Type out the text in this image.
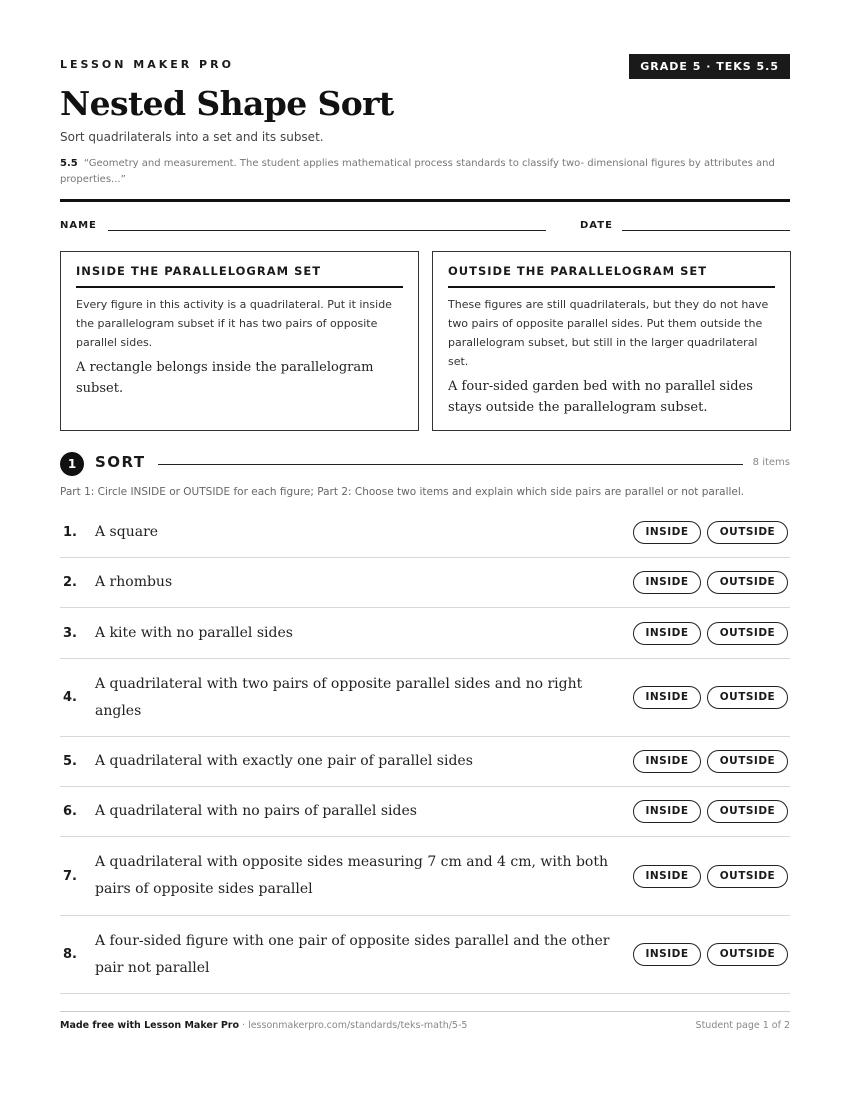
LESSON MAKER PRO	GRADE 5 · TEKS 5.5
Nested Shape Sort
Sort quadrilaterals into a set and its subset.
5.5 “Geometry and measurement. The student applies mathematical process standards to classify two- dimensional figures by attributes and properties...”
NAME	DATE
INSIDE THE PARALLELOGRAM SET
Every figure in this activity is a quadrilateral. Put it inside the parallelogram subset if it has two pairs of opposite parallel sides.
A rectangle belongs inside the parallelogram subset.
OUTSIDE THE PARALLELOGRAM SET
These figures are still quadrilaterals, but they do not have two pairs of opposite parallel sides. Put them outside the parallelogram subset, but still in the larger quadrilateral set.
A four-sided garden bed with no parallel sides stays outside the parallelogram subset.
1	SORT	8 items
Part 1: Circle INSIDE or OUTSIDE for each figure; Part 2: Choose two items and explain which side pairs are parallel or not parallel.
1.	A square	INSIDE	OUTSIDE
2.	A rhombus	INSIDE	OUTSIDE
3.	A kite with no parallel sides	INSIDE	OUTSIDE
4.
A quadrilateral with two pairs of opposite parallel sides and no right angles
INSIDE	OUTSIDE
5.	A quadrilateral with exactly one pair of parallel sides	INSIDE	OUTSIDE
6.	A quadrilateral with no pairs of parallel sides	INSIDE	OUTSIDE
7.
A quadrilateral with opposite sides measuring 7 cm and 4 cm, with both pairs of opposite sides parallel
INSIDE	OUTSIDE
8.
A four-sided figure with one pair of opposite sides parallel and the other pair not parallel
INSIDE	OUTSIDE
Made free with Lesson Maker Pro · lessonmakerpro.com/standards/teks-math/5-5	Student page 1 of 2
